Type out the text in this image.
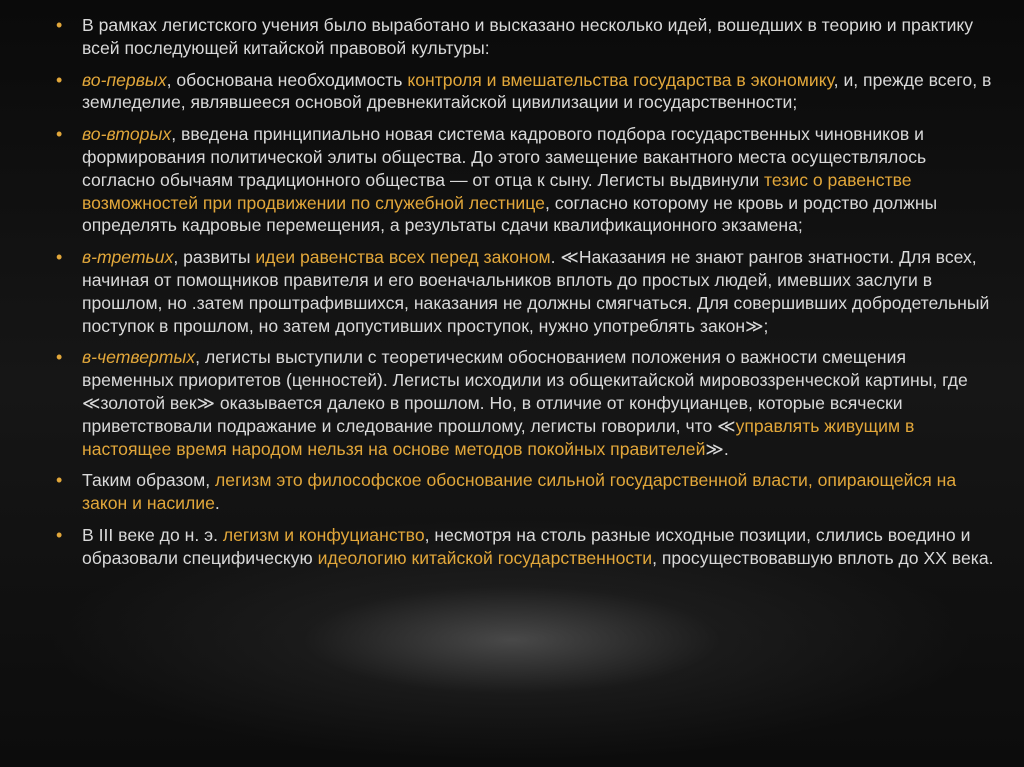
• В рамках легистского учения было выработано и высказано несколько идей, вошедших в теорию и практику всей последующей китайской правовой культуры:
• во-первых, обоснована необходимость контроля и вмешательства государства в экономику, и, прежде всего, в земледелие, являвшееся основой древнекитайской цивилизации и государственности;
• во-вторых, введена принципиально новая система кадрового подбора государственных чиновников и формирования политической элиты общества. До этого замещение вакантного места осуществлялось согласно обычаям традиционного общества — от отца к сыну. Легисты выдвинули тезис о равенстве возможностей при продвижении по служебной лестнице, согласно которому не кровь и родство должны определять кадровые перемещения, а результаты сдачи квалификационного экзамена;
• в-третьих, развиты идеи равенства всех перед законом. ≪Наказания не знают рангов знатности. Для всех, начиная от помощников правителя и его военачальников вплоть до простых людей, имевших заслуги в прошлом, но .затем проштрафившихся, наказания не должны смягчаться. Для совершивших добродетельный поступок в прошлом, но затем допустивших проступок, нужно употреблять закон≫;
• в-четвертых, легисты выступили с теоретическим обоснованием положения о важности смещения временных приоритетов (ценностей). Легисты исходили из общекитайской мировоззренческой картины, где ≪золотой век≫ оказывается далеко в прошлом. Но, в отличие от конфуцианцев, которые всячески приветствовали подражание и следование прошлому, легисты говорили, что ≪управлять живущим в настоящее время народом нельзя на основе методов покойных правителей≫.
• Таким образом, легизм это философское обоснование сильной государственной власти, опирающейся на закон и насилие.
• В III веке до н. э. легизм и конфуцианство, несмотря на столь разные исходные позиции, слились воедино и образовали специфическую идеологию китайской государственности, просуществовавшую вплоть до XX века.
